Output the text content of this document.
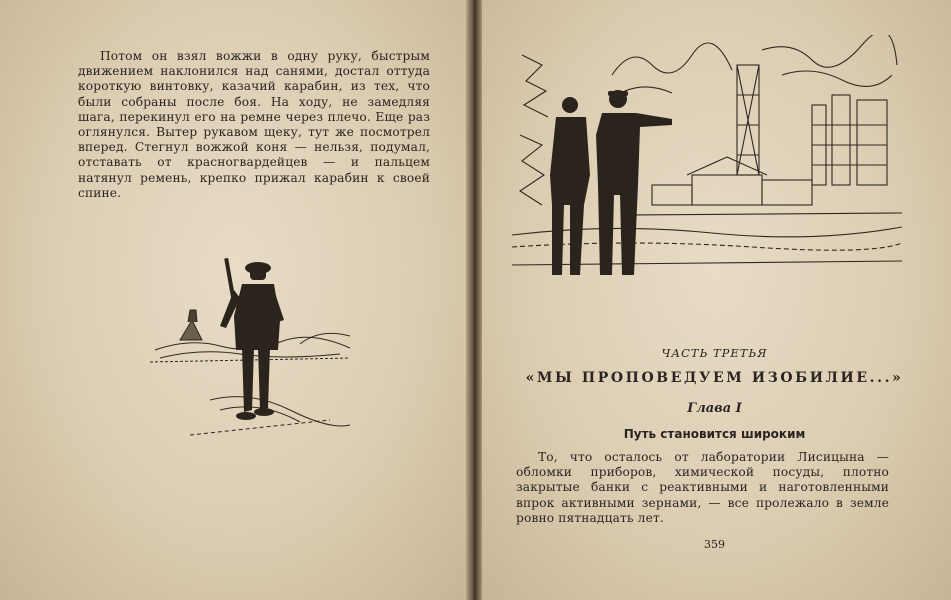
Потом он взял вожжи в одну руку, быстрым движением наклонился над санями, достал оттуда короткую винтовку, казачий карабин, из тех, что были собраны после боя. На ходу, не замедляя шага, перекинул его на ремне через плечо. Еще раз оглянулся. Вытер рукавом щеку, тут же посмотрел вперед. Стегнул вожжой коня — нельзя, подумал, отставать от красногвардейцев — и пальцем натянул ремень, крепко прижал карабин к своей спине.

ЧАСТЬ ТРЕТЬЯ
«МЫ ПРОПОВЕДУЕМ ИЗОБИЛИЕ...»
Глава I
Путь становится широким

То, что осталось от лаборатории Лисицына — обломки приборов, химической посуды, плотно закрытые банки с реактивными и наготовленными впрок активными зернами, — все пролежало в земле ровно пятнадцать лет.

359
